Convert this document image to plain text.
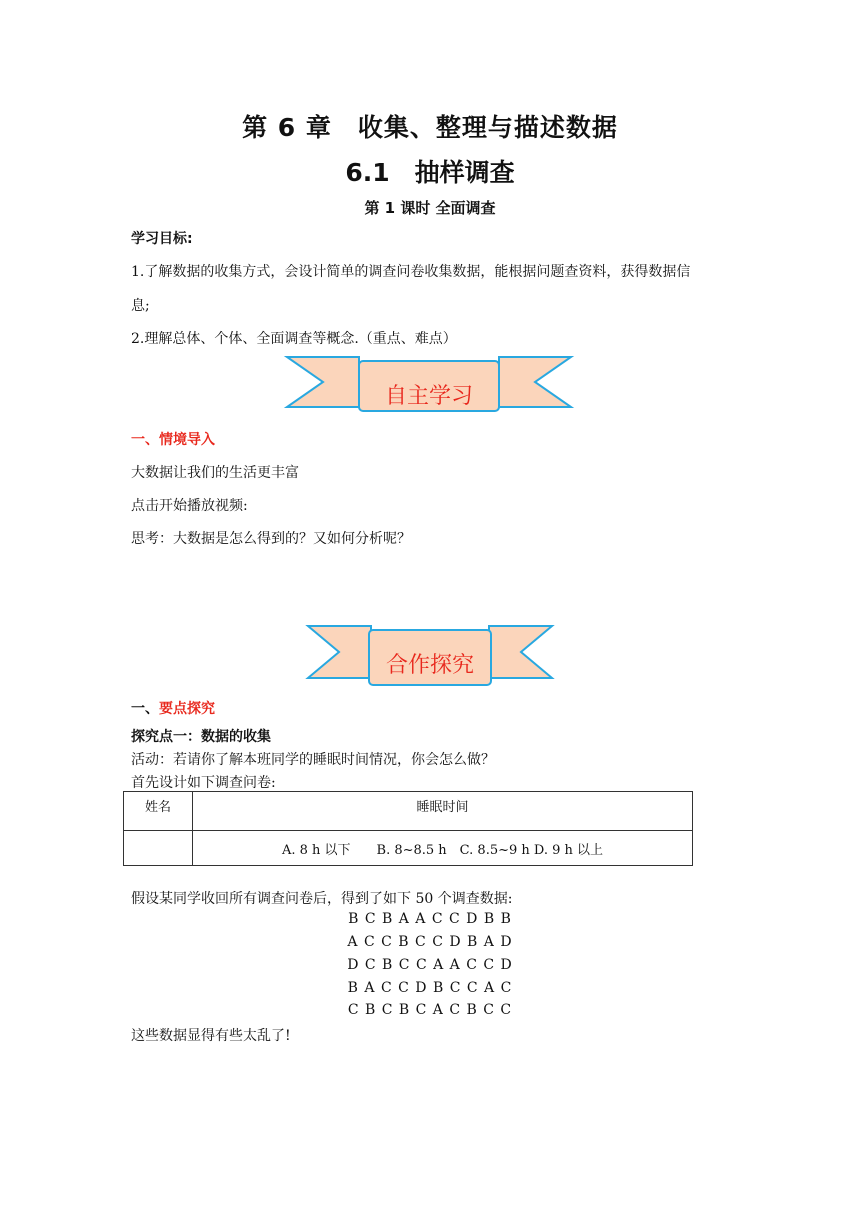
第 6 章　收集、整理与描述数据
6.1　抽样调查
第 1 课时 全面调查
学习目标:
1.了解数据的收集方式，会设计简单的调查问卷收集数据，能根据问题查资料，获得数据信
息;
2.理解总体、个体、全面调查等概念.（重点、难点）
自主学习
一、情境导入
大数据让我们的生活更丰富
点击开始播放视频:
思考：大数据是怎么得到的？又如何分析呢？
合作探究
一、要点探究
探究点一：数据的收集
活动：若请你了解本班同学的睡眠时间情况，你会怎么做？
首先设计如下调查问卷:
姓名	睡眠时间
	A. 8 h 以下　　B. 8~8.5 h　C. 8.5~9 h D. 9 h 以上
假设某同学收回所有调查问卷后，得到了如下 50 个调查数据:
B C B A A C C D B B
A C C B C C D B A D
D C B C C A A C C D
B A C C D B C C A C
C B C B C A C B C C
这些数据显得有些太乱了!
